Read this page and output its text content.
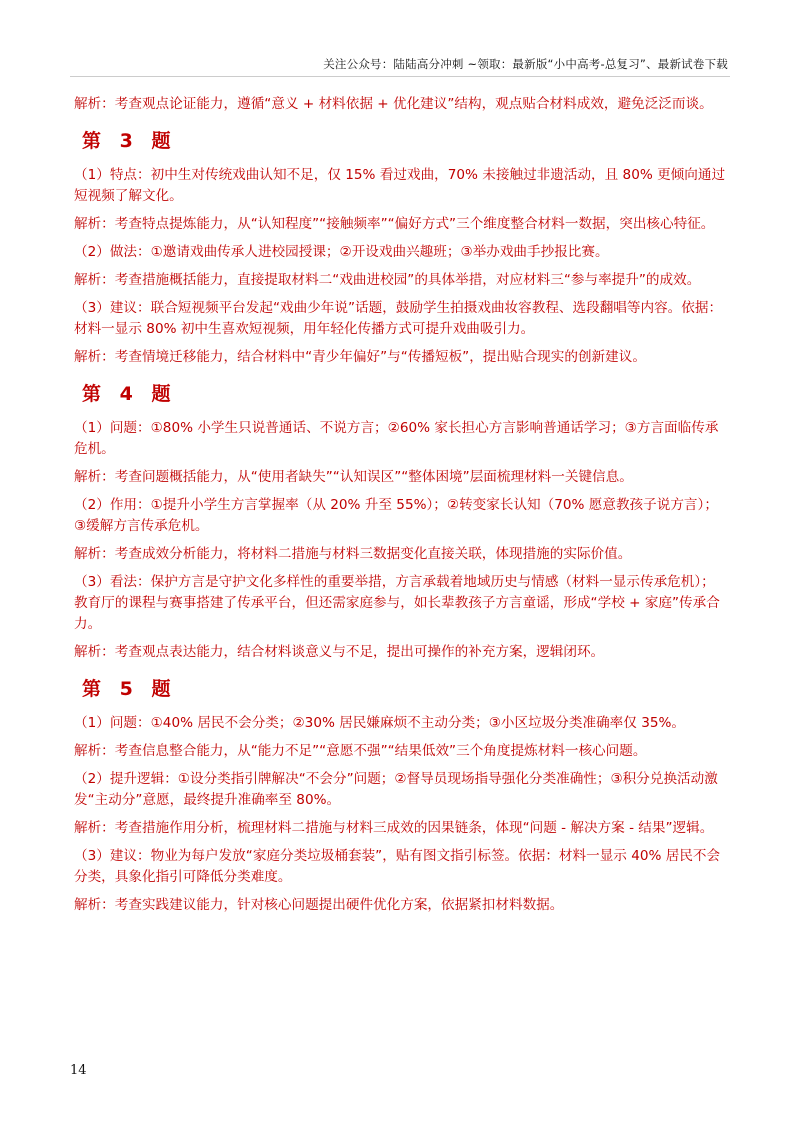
关注公众号：陆陆高分冲刺 ~领取：最新版“小中高考-总复习”、最新试卷下载

解析：考查观点论证能力，遵循“意义 + 材料依据 + 优化建议”结构，观点贴合材料成效，避免泛泛而谈。

第 3 题

（1）特点：初中生对传统戏曲认知不足，仅 15% 看过戏曲，70% 未接触过非遗活动，且 80% 更倾向通过短视频了解文化。

解析：考查特点提炼能力，从“认知程度”“接触频率”“偏好方式”三个维度整合材料一数据，突出核心特征。

（2）做法：①邀请戏曲传承人进校园授课；②开设戏曲兴趣班；③举办戏曲手抄报比赛。

解析：考查措施概括能力，直接提取材料二“戏曲进校园”的具体举措，对应材料三“参与率提升”的成效。

（3）建议：联合短视频平台发起“戏曲少年说”话题，鼓励学生拍摄戏曲妆容教程、选段翻唱等内容。依据：材料一显示 80% 初中生喜欢短视频，用年轻化传播方式可提升戏曲吸引力。

解析：考查情境迁移能力，结合材料中“青少年偏好”与“传播短板”，提出贴合现实的创新建议。

第 4 题

（1）问题：①80% 小学生只说普通话、不说方言；②60% 家长担心方言影响普通话学习；③方言面临传承危机。

解析：考查问题概括能力，从“使用者缺失”“认知误区”“整体困境”层面梳理材料一关键信息。

（2）作用：①提升小学生方言掌握率（从 20% 升至 55%）；②转变家长认知（70% 愿意教孩子说方言）；③缓解方言传承危机。

解析：考查成效分析能力，将材料二措施与材料三数据变化直接关联，体现措施的实际价值。

（3）看法：保护方言是守护文化多样性的重要举措，方言承载着地域历史与情感（材料一显示传承危机）；教育厅的课程与赛事搭建了传承平台，但还需家庭参与，如长辈教孩子方言童谣，形成“学校 + 家庭”传承合力。

解析：考查观点表达能力，结合材料谈意义与不足，提出可操作的补充方案，逻辑闭环。

第 5 题

（1）问题：①40% 居民不会分类；②30% 居民嫌麻烦不主动分类；③小区垃圾分类准确率仅 35%。

解析：考查信息整合能力，从“能力不足”“意愿不强”“结果低效”三个角度提炼材料一核心问题。

（2）提升逻辑：①设分类指引牌解决“不会分”问题；②督导员现场指导强化分类准确性；③积分兑换活动激发“主动分”意愿，最终提升准确率至 80%。

解析：考查措施作用分析，梳理材料二措施与材料三成效的因果链条，体现“问题 - 解决方案 - 结果”逻辑。

（3）建议：物业为每户发放“家庭分类垃圾桶套装”，贴有图文指引标签。依据：材料一显示 40% 居民不会分类，具象化指引可降低分类难度。

解析：考查实践建议能力，针对核心问题提出硬件优化方案，依据紧扣材料数据。

14
